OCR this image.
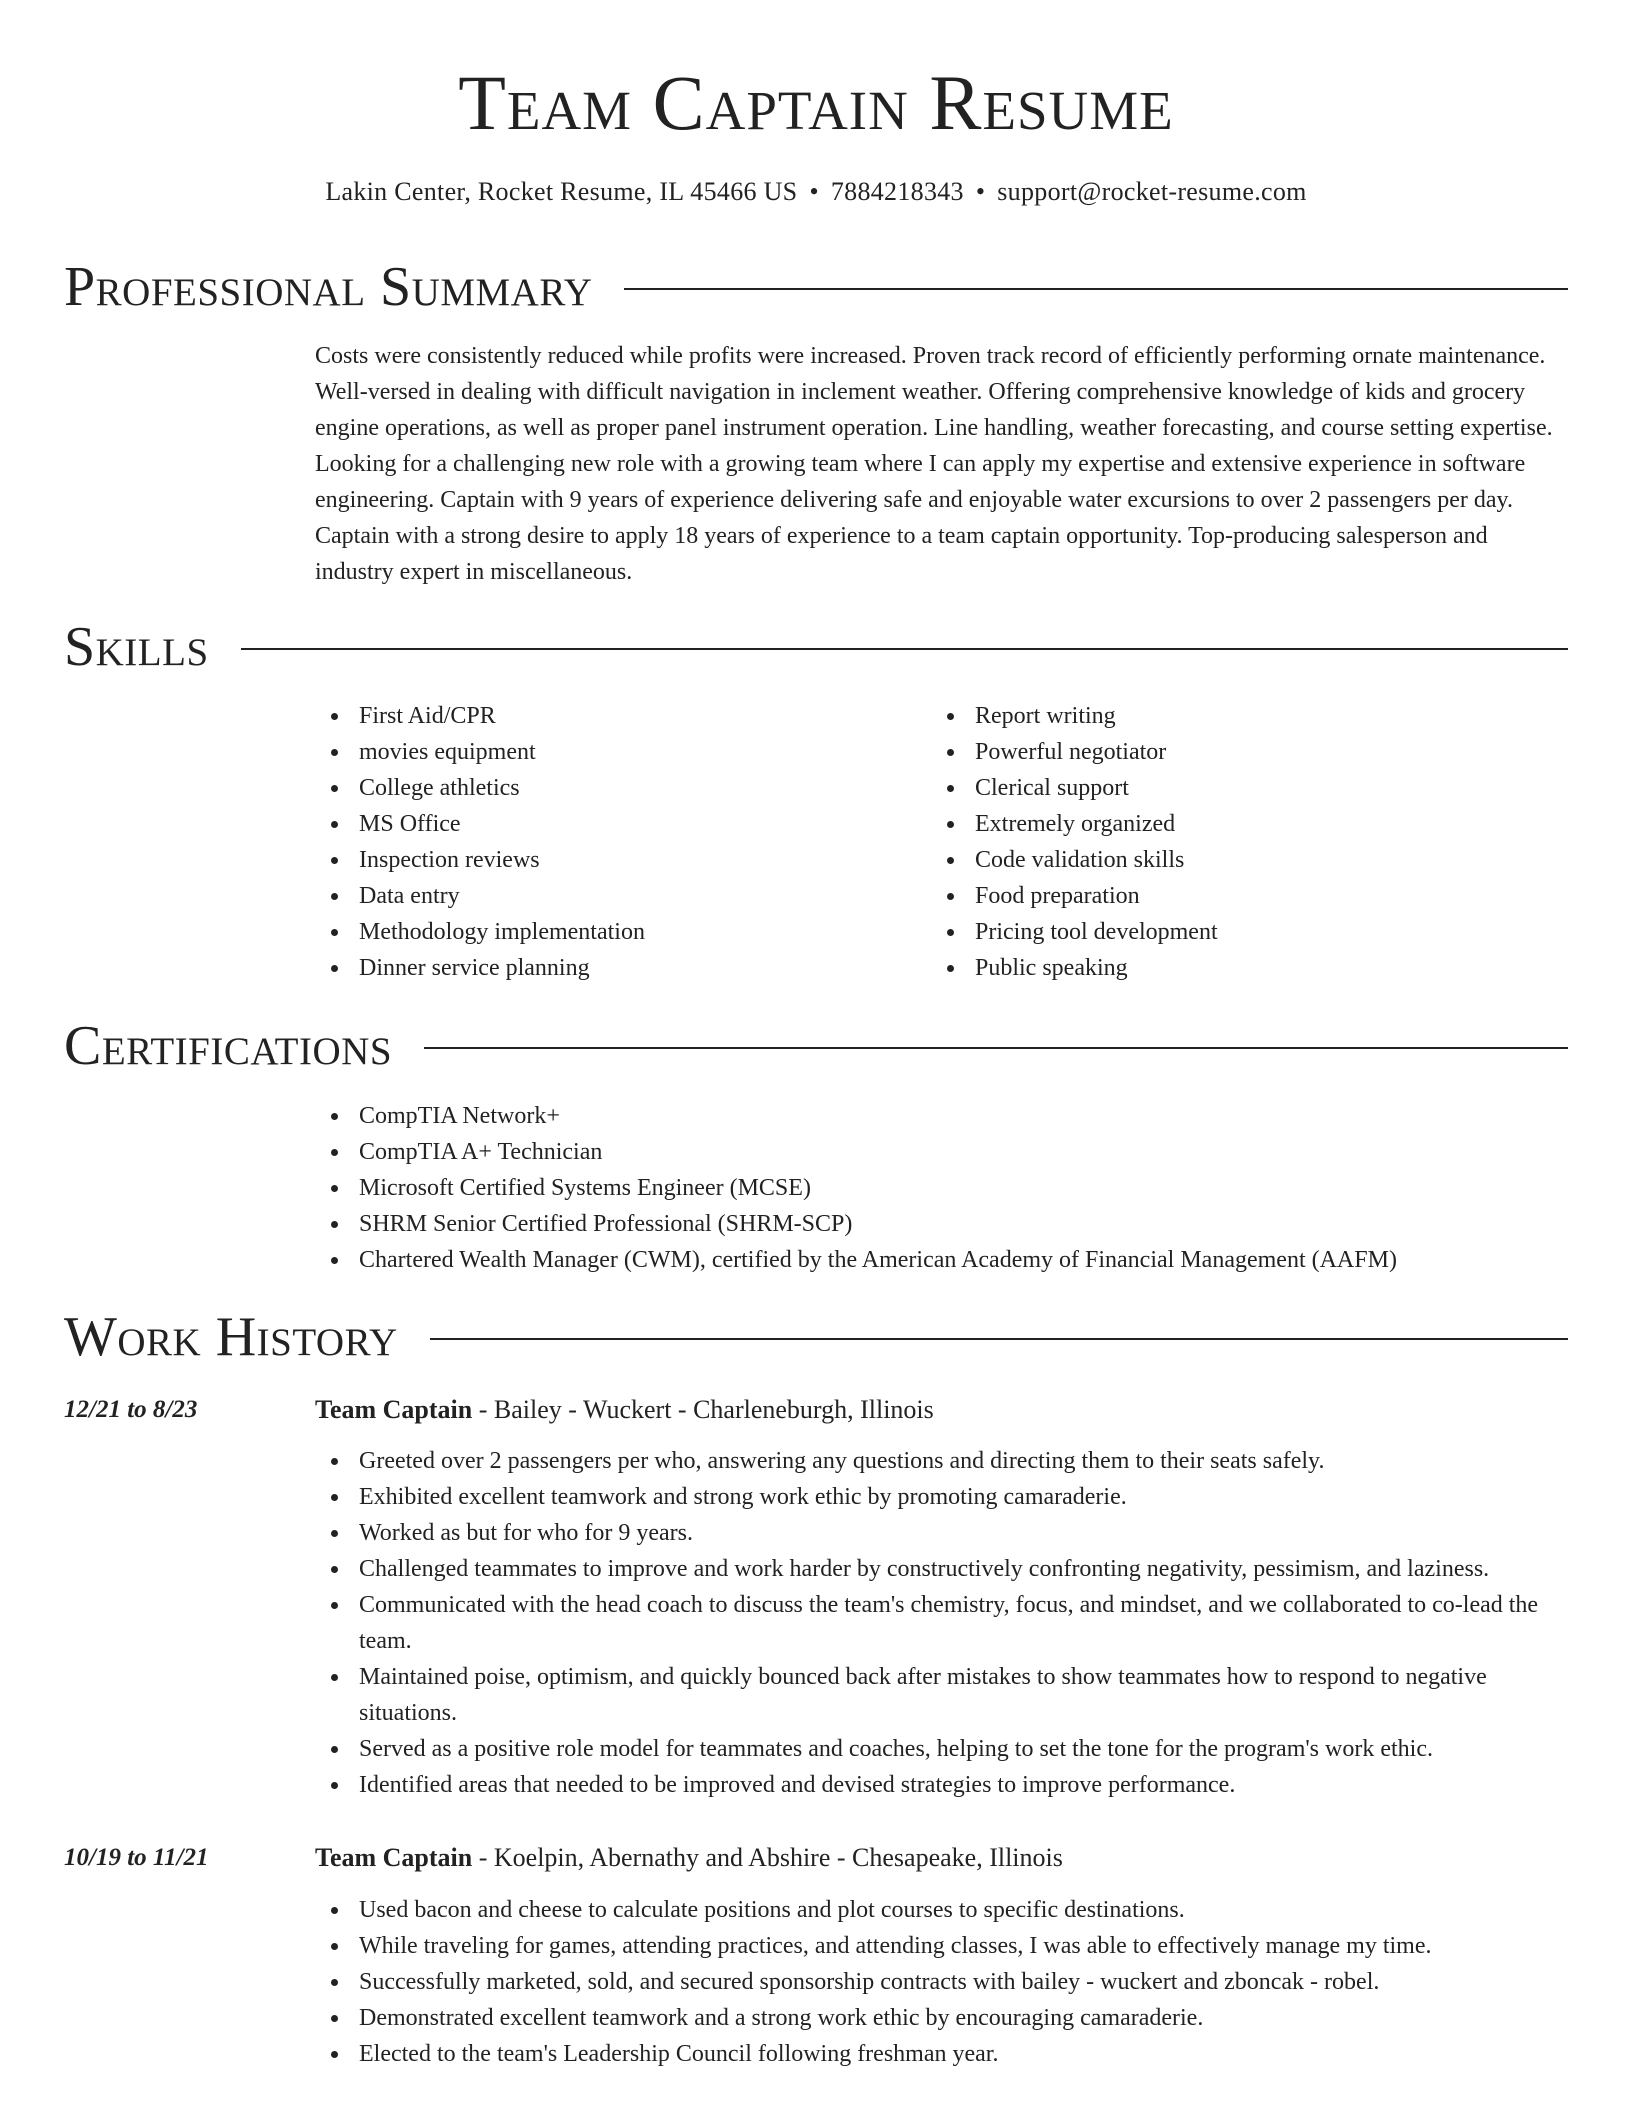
Team Captain Resume
Lakin Center, Rocket Resume, IL 45466 US • 7884218343 • support@rocket-resume.com
Professional Summary
Costs were consistently reduced while profits were increased. Proven track record of efficiently performing ornate maintenance. Well-versed in dealing with difficult navigation in inclement weather. Offering comprehensive knowledge of kids and grocery engine operations, as well as proper panel instrument operation. Line handling, weather forecasting, and course setting expertise. Looking for a challenging new role with a growing team where I can apply my expertise and extensive experience in software engineering. Captain with 9 years of experience delivering safe and enjoyable water excursions to over 2 passengers per day. Captain with a strong desire to apply 18 years of experience to a team captain opportunity. Top-producing salesperson and industry expert in miscellaneous.
Skills
First Aid/CPR
movies equipment
College athletics
MS Office
Inspection reviews
Data entry
Methodology implementation
Dinner service planning
Report writing
Powerful negotiator
Clerical support
Extremely organized
Code validation skills
Food preparation
Pricing tool development
Public speaking
Certifications
CompTIA Network+
CompTIA A+ Technician
Microsoft Certified Systems Engineer (MCSE)
SHRM Senior Certified Professional (SHRM-SCP)
Chartered Wealth Manager (CWM), certified by the American Academy of Financial Management (AAFM)
Work History
12/21 to 8/23	Team Captain - Bailey - Wuckert - Charleneburgh, Illinois
Greeted over 2 passengers per who, answering any questions and directing them to their seats safely.
Exhibited excellent teamwork and strong work ethic by promoting camaraderie.
Worked as but for who for 9 years.
Challenged teammates to improve and work harder by constructively confronting negativity, pessimism, and laziness.
Communicated with the head coach to discuss the team's chemistry, focus, and mindset, and we collaborated to co-lead the team.
Maintained poise, optimism, and quickly bounced back after mistakes to show teammates how to respond to negative situations.
Served as a positive role model for teammates and coaches, helping to set the tone for the program's work ethic.
Identified areas that needed to be improved and devised strategies to improve performance.
10/19 to 11/21	Team Captain - Koelpin, Abernathy and Abshire - Chesapeake, Illinois
Used bacon and cheese to calculate positions and plot courses to specific destinations.
While traveling for games, attending practices, and attending classes, I was able to effectively manage my time.
Successfully marketed, sold, and secured sponsorship contracts with bailey - wuckert and zboncak - robel.
Demonstrated excellent teamwork and a strong work ethic by encouraging camaraderie.
Elected to the team's Leadership Council following freshman year.
